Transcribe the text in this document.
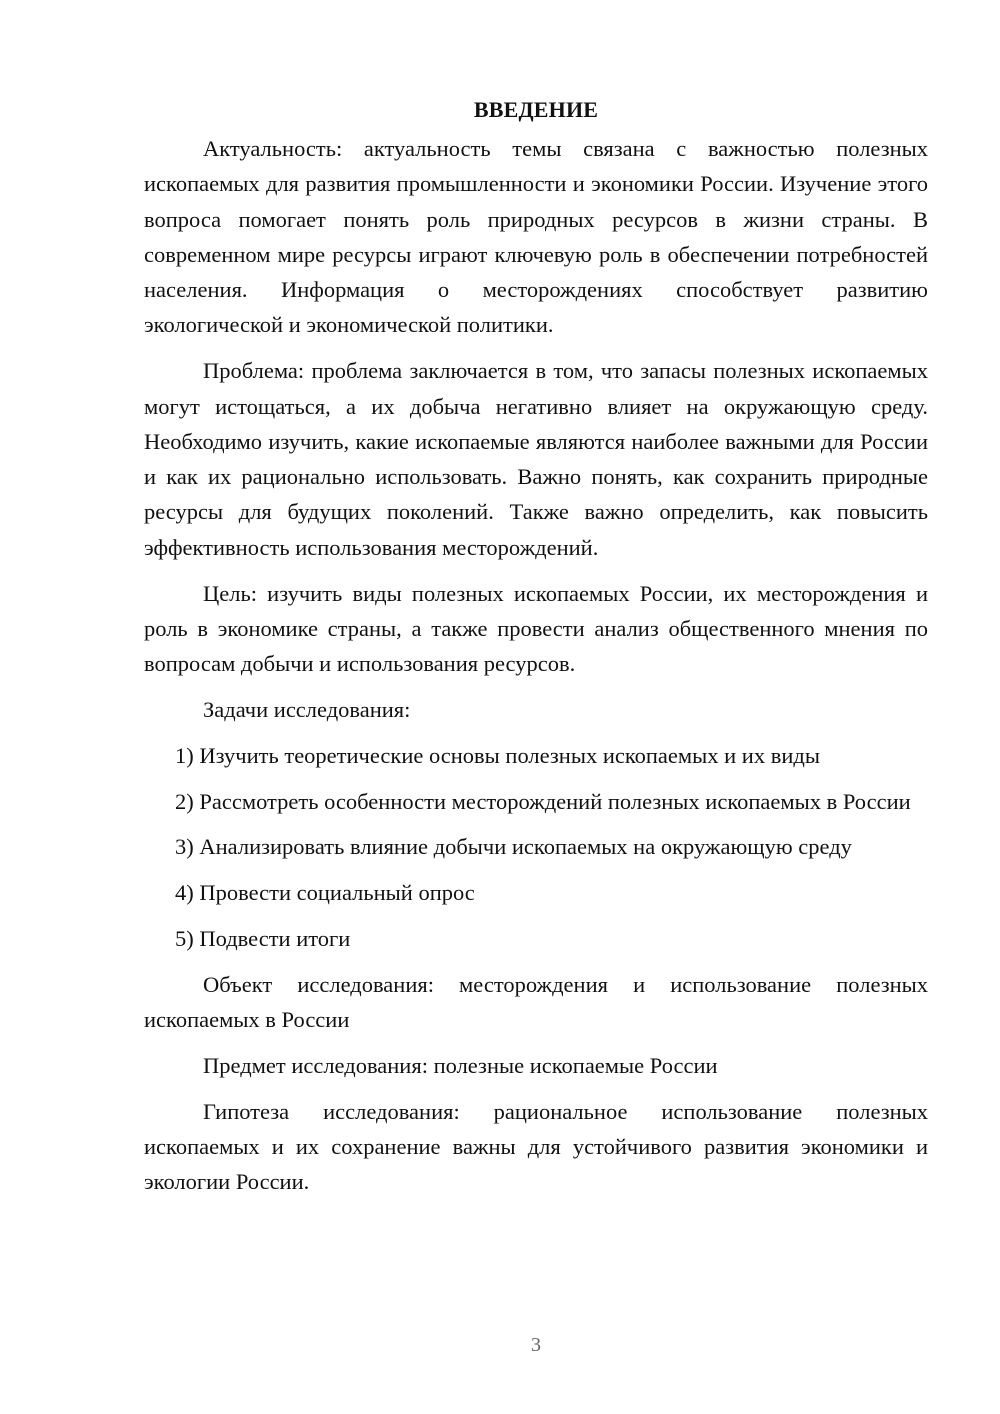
ВВЕДЕНИЕ

Актуальность: актуальность темы связана с важностью полезных ископаемых для развития промышленности и экономики России. Изучение этого вопроса помогает понять роль природных ресурсов в жизни страны. В современном мире ресурсы играют ключевую роль в обеспечении потребностей населения. Информация о месторождениях способствует развитию экологической и экономической политики.

Проблема: проблема заключается в том, что запасы полезных ископаемых могут истощаться, а их добыча негативно влияет на окружающую среду. Необходимо изучить, какие ископаемые являются наиболее важными для России и как их рационально использовать. Важно понять, как сохранить природные ресурсы для будущих поколений. Также важно определить, как повысить эффективность использования месторождений.

Цель: изучить виды полезных ископаемых России, их месторождения и роль в экономике страны, а также провести анализ общественного мнения по вопросам добычи и использования ресурсов.

Задачи исследования:

1) Изучить теоретические основы полезных ископаемых и их виды

2) Рассмотреть особенности месторождений полезных ископаемых в России

3) Анализировать влияние добычи ископаемых на окружающую среду

4) Провести социальный опрос

5) Подвести итоги

Объект исследования: месторождения и использование полезных ископаемых в России

Предмет исследования: полезные ископаемые России

Гипотеза исследования: рациональное использование полезных ископаемых и их сохранение важны для устойчивого развития экономики и экологии России.

3
